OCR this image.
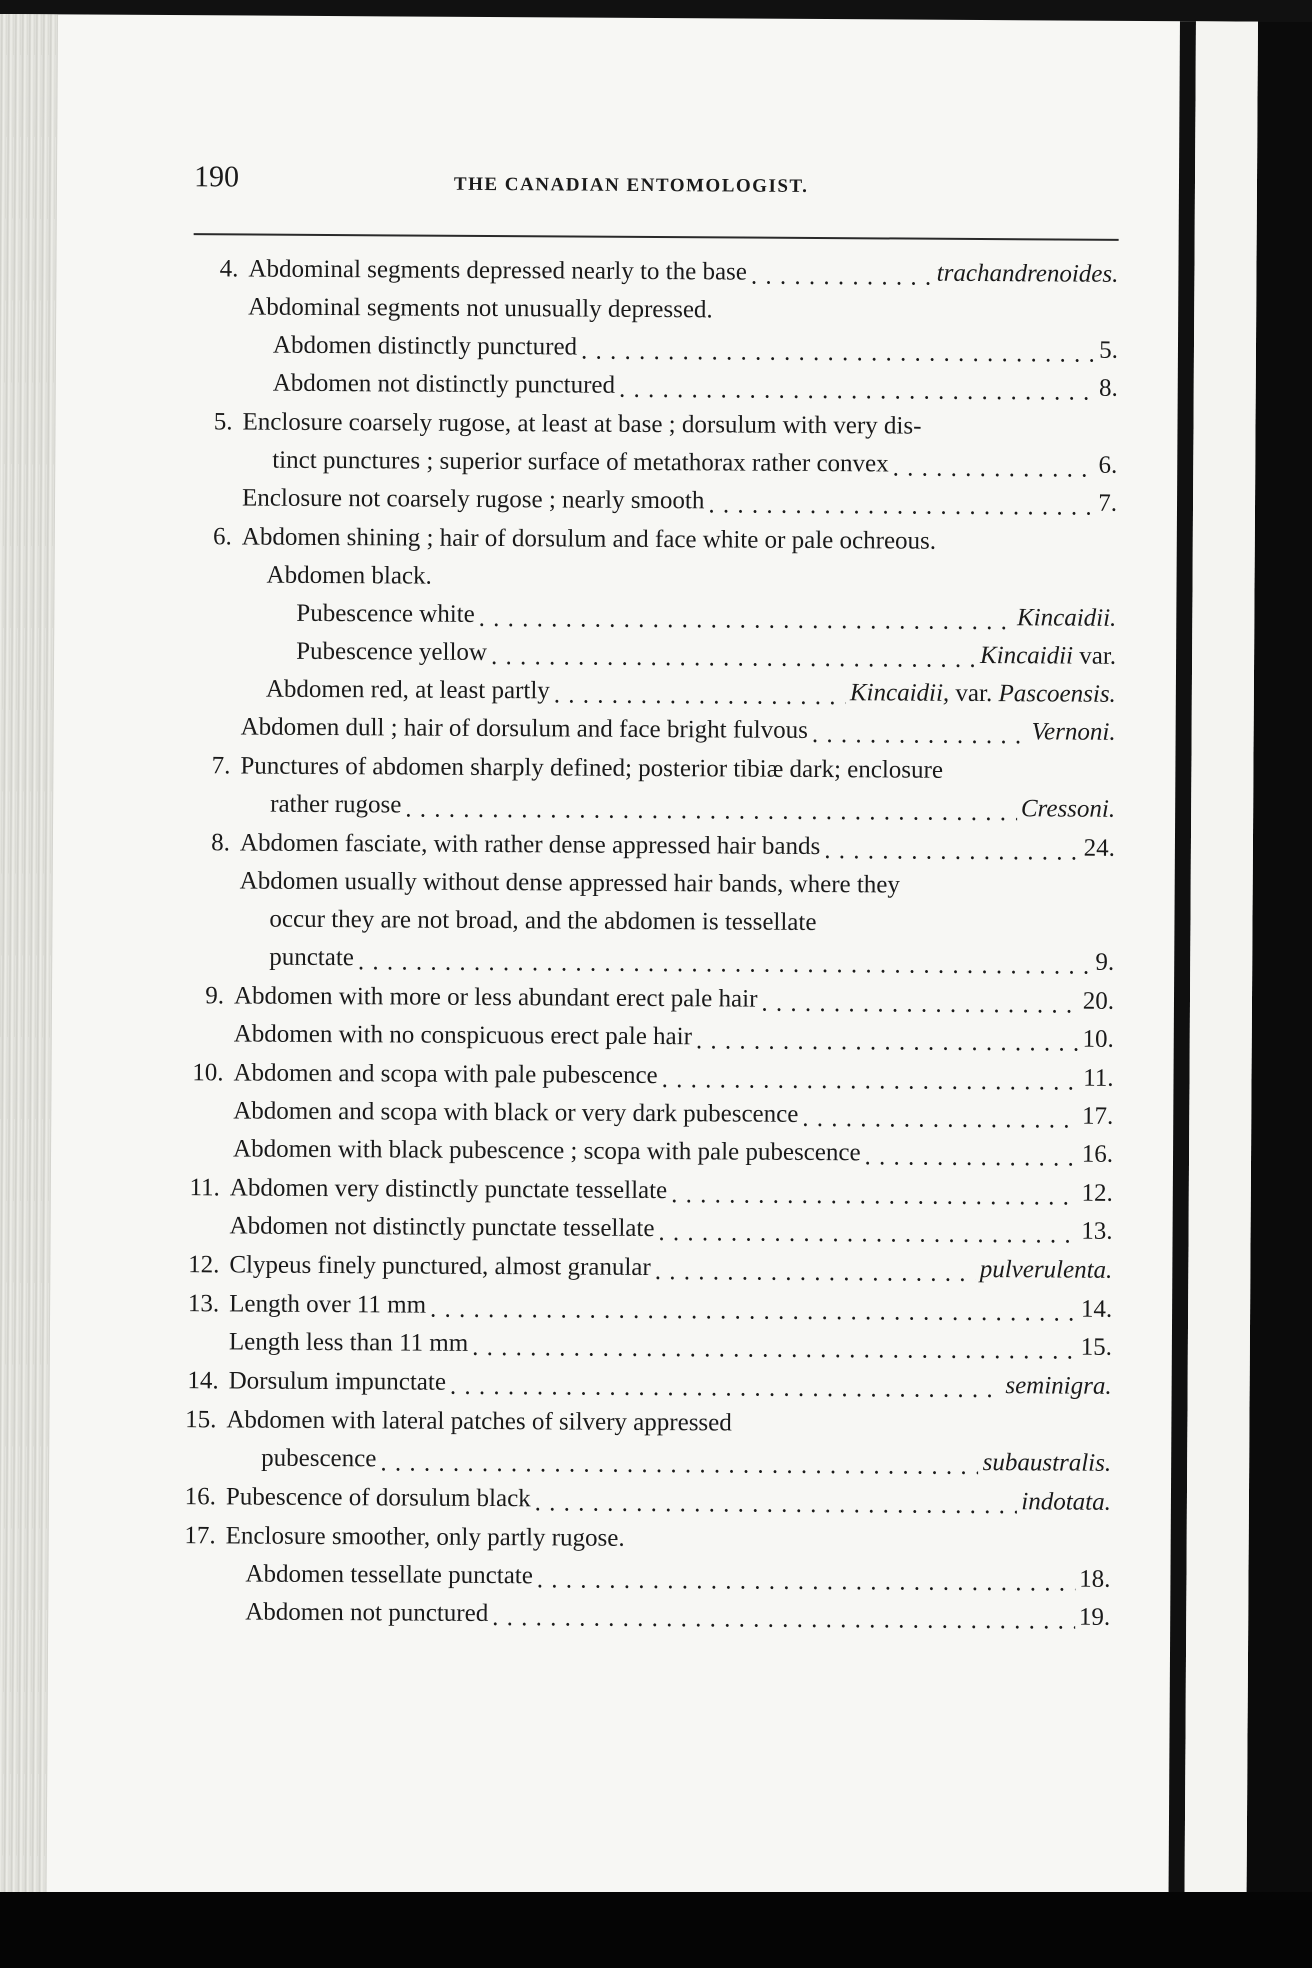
190	THE CANADIAN ENTOMOLOGIST.
4. Abdominal segments depressed nearly to the base . . .	trachandrenoides.
Abdominal segments not unusually depressed.
Abdomen distinctly punctured . . .	5.
Abdomen not distinctly punctured . . .	8.
5. Enclosure coarsely rugose, at least at base ; dorsulum with very dis-
tinct punctures ; superior surface of metathorax rather convex . . .	6.
Enclosure not coarsely rugose ; nearly smooth . . .	7.
6. Abdomen shining ; hair of dorsulum and face white or pale ochreous.
Abdomen black.
Pubescence white . . .	Kincaidii.
Pubescence yellow . . .	Kincaidii var.
Abdomen red, at least partly . . .	Kincaidii, var. Pascoensis.
Abdomen dull ; hair of dorsulum and face bright fulvous . . .	Vernoni.
7. Punctures of abdomen sharply defined; posterior tibiæ dark; enclosure
rather rugose . . .	Cressoni.
8. Abdomen fasciate, with rather dense appressed hair bands . . .	24.
Abdomen usually without dense appressed hair bands, where they
occur they are not broad, and the abdomen is tessellate
punctate . . .	9.
9. Abdomen with more or less abundant erect pale hair . . .	20.
Abdomen with no conspicuous erect pale hair . . .	10.
10. Abdomen and scopa with pale pubescence . . .	11.
Abdomen and scopa with black or very dark pubescence . . .	17.
Abdomen with black pubescence ; scopa with pale pubescence . . .	16.
11. Abdomen very distinctly punctate tessellate . . .	12.
Abdomen not distinctly punctate tessellate . . .	13.
12. Clypeus finely punctured, almost granular . . .	pulverulenta.
13. Length over 11 mm . . .	14.
Length less than 11 mm . . .	15.
14. Dorsulum impunctate . . .	seminigra.
15. Abdomen with lateral patches of silvery appressed
pubescence . . .	subaustralis.
16. Pubescence of dorsulum black . . .	indotata.
17. Enclosure smoother, only partly rugose.
Abdomen tessellate punctate . . .	18.
Abdomen not punctured . . .	19.
